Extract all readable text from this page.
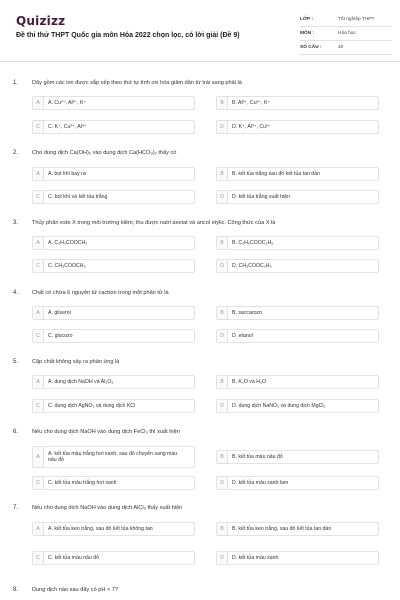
Quizizz
Đề thi thử THPT Quốc gia môn Hóa 2022 chọn lọc, có lời giải (Đề 9)
LỚP :	Tốt nghiệp THPT
MÔN :	Hóa học
SỐ CÂU :	40
1. Dãy gồm các ion được sắp xếp theo thứ tự tính oxi hóa giảm dần từ trái sang phải là
A	A. Cu²⁺, Al³⁺, K⁺	B	B. Al³⁺, Cu²⁺, K⁺
C	C. K⁺, Cu²⁺, Al³⁺	D	D. K⁺, Al³⁺, Cu²⁺
2. Cho dung dịch Ca(OH)₂ vào dung dịch Ca(HCO₃)₂ thấy có
A	A. bọt khí bay ra	B	B. kết tủa trắng sau đó kết tủa tan dần
C	C. bọt khí và kết tủa trắng	D	D. kết tủa trắng xuất hiện
3. Thủy phân este X trong môi trường kiềm, thu được natri axetat và ancol etylic. Công thức của X là
A	A. C₂H₃COOCH₃	B	B. C₂H₅COOC₂H₅
C	C. CH₃COOCH₃	D	D. CH₃COOC₂H₅
4. Chất có chứa 6 nguyên tử cacbon trong một phân tử là
A	A. glixerol	B	B. saccarozo
C	C. glucozo	D	D. etanol
5. Cặp chất không xảy ra phản ứng là
A	A. dung dịch NaOH và Al₂O₃	B	B. K₂O và H₂O
C	C. dung dịch AgNO₃ và dung dịch KCl	D	D. dung dịch NaNO₃ và dung dịch MgCl₂
6. Nếu cho dung dịch NaOH vào dung dịch FeCl₃ thì xuất hiện
A	A. kết tủa màu trắng hơi xanh, sau đó chuyển sang màu nâu đỏ	B	B. kết tủa màu nâu đỏ
C	C. kết tủa màu trắng hơi xanh	D	D. kết tủa màu xanh lam
7. Nếu cho dung dịch NaOH vào dung dịch AlCl₃ thấy xuất hiện
A	A. kết tủa keo trắng, sau đó kết tủa không tan	B	B. kết tủa keo trắng, sau đó kết tủa tan dần
C	C. kết tủa màu nâu đỏ	D	D. kết tủa màu xanh
8. Dung dịch nào sau đây có pH < 7?
